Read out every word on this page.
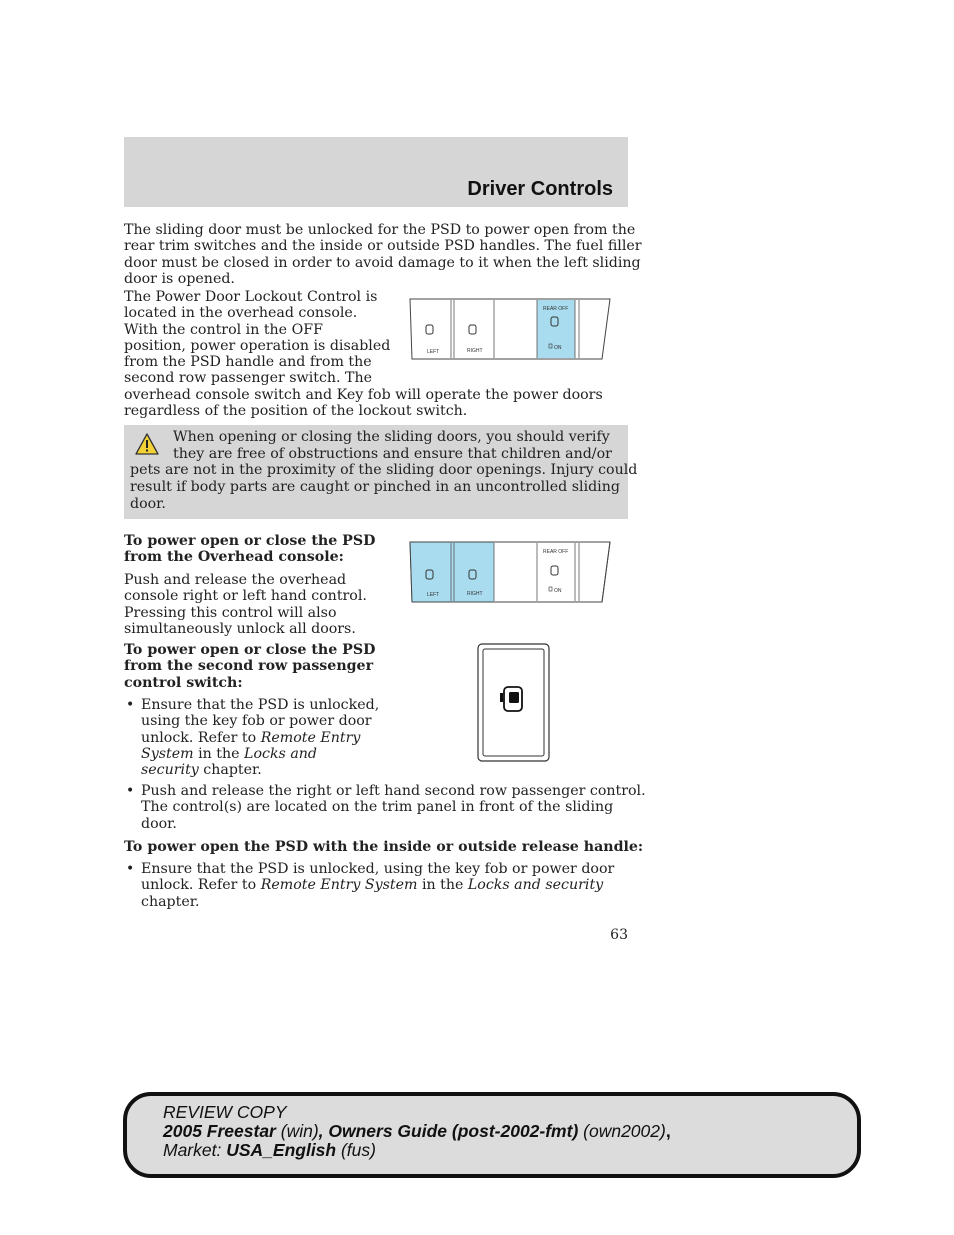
Driver Controls

The sliding door must be unlocked for the PSD to power open from the
rear trim switches and the inside or outside PSD handles. The fuel filler
door must be closed in order to avoid damage to it when the left sliding
door is opened.

The Power Door Lockout Control is
located in the overhead console.
With the control in the OFF
position, power operation is disabled
from the PSD handle and from the
second row passenger switch. The
overhead console switch and Key fob will operate the power doors
regardless of the position of the lockout switch.

LEFT	RIGHT
REAR OFF
ON
When opening or closing the sliding doors, you should verify
they are free of obstructions and ensure that children and/or
pets are not in the proximity of the sliding door openings. Injury could
result if body parts are caught or pinched in an uncontrolled sliding
door.

To power open or close the PSD
from the Overhead console:

Push and release the overhead
console right or left hand control.
Pressing this control will also
simultaneously unlock all doors.

LEFT	RIGHT
REAR OFF
ON

To power open or close the PSD
from the second row passenger
control switch:

• Ensure that the PSD is unlocked,
using the key fob or power door
unlock. Refer to Remote Entry
System in the Locks and
security chapter.

• Push and release the right or left hand second row passenger control.
The control(s) are located on the trim panel in front of the sliding
door.

To power open the PSD with the inside or outside release handle:

• Ensure that the PSD is unlocked, using the key fob or power door
unlock. Refer to Remote Entry System in the Locks and security
chapter.

63
REVIEW COPY
2005 Freestar (win), Owners Guide (post-2002-fmt) (own2002),
Market: USA_English (fus)
